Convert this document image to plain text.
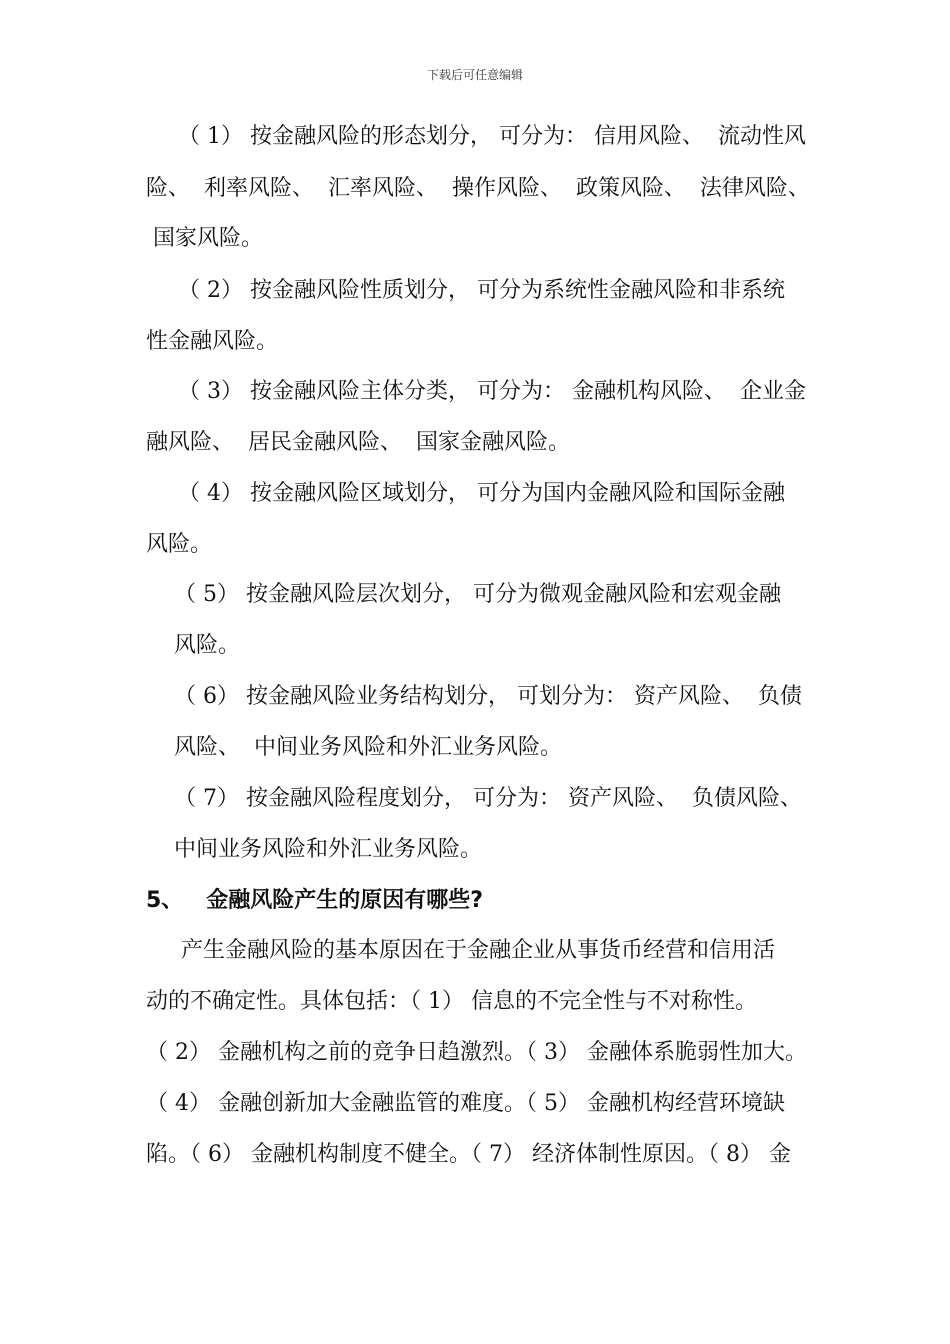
下载后可任意编辑
（ 1） 按金融风险的形态划分， 可分为： 信用风险、  流动性风
险、  利率风险、  汇率风险、  操作风险、  政策风险、  法律风险、
国家风险。
（ 2） 按金融风险性质划分， 可分为系统性金融风险和非系统
性金融风险。
（ 3） 按金融风险主体分类， 可分为： 金融机构风险、  企业金
融风险、  居民金融风险、  国家金融风险。
（ 4） 按金融风险区域划分， 可分为国内金融风险和国际金融
风险。
（ 5） 按金融风险层次划分， 可分为微观金融风险和宏观金融
风险。
（ 6） 按金融风险业务结构划分， 可划分为： 资产风险、  负债
风险、  中间业务风险和外汇业务风险。
（ 7） 按金融风险程度划分， 可分为： 资产风险、  负债风险、
中间业务风险和外汇业务风险。
5、   金融风险产生的原因有哪些?
产生金融风险的基本原因在于金融企业从事货币经营和信用活
动的不确定性。具体包括：（ 1） 信息的不完全性与不对称性。
（ 2） 金融机构之前的竞争日趋激烈。（ 3） 金融体系脆弱性加大。
（ 4） 金融创新加大金融监管的难度。（ 5） 金融机构经营环境缺
陷。（ 6） 金融机构制度不健全。（ 7） 经济体制性原因。（ 8） 金
